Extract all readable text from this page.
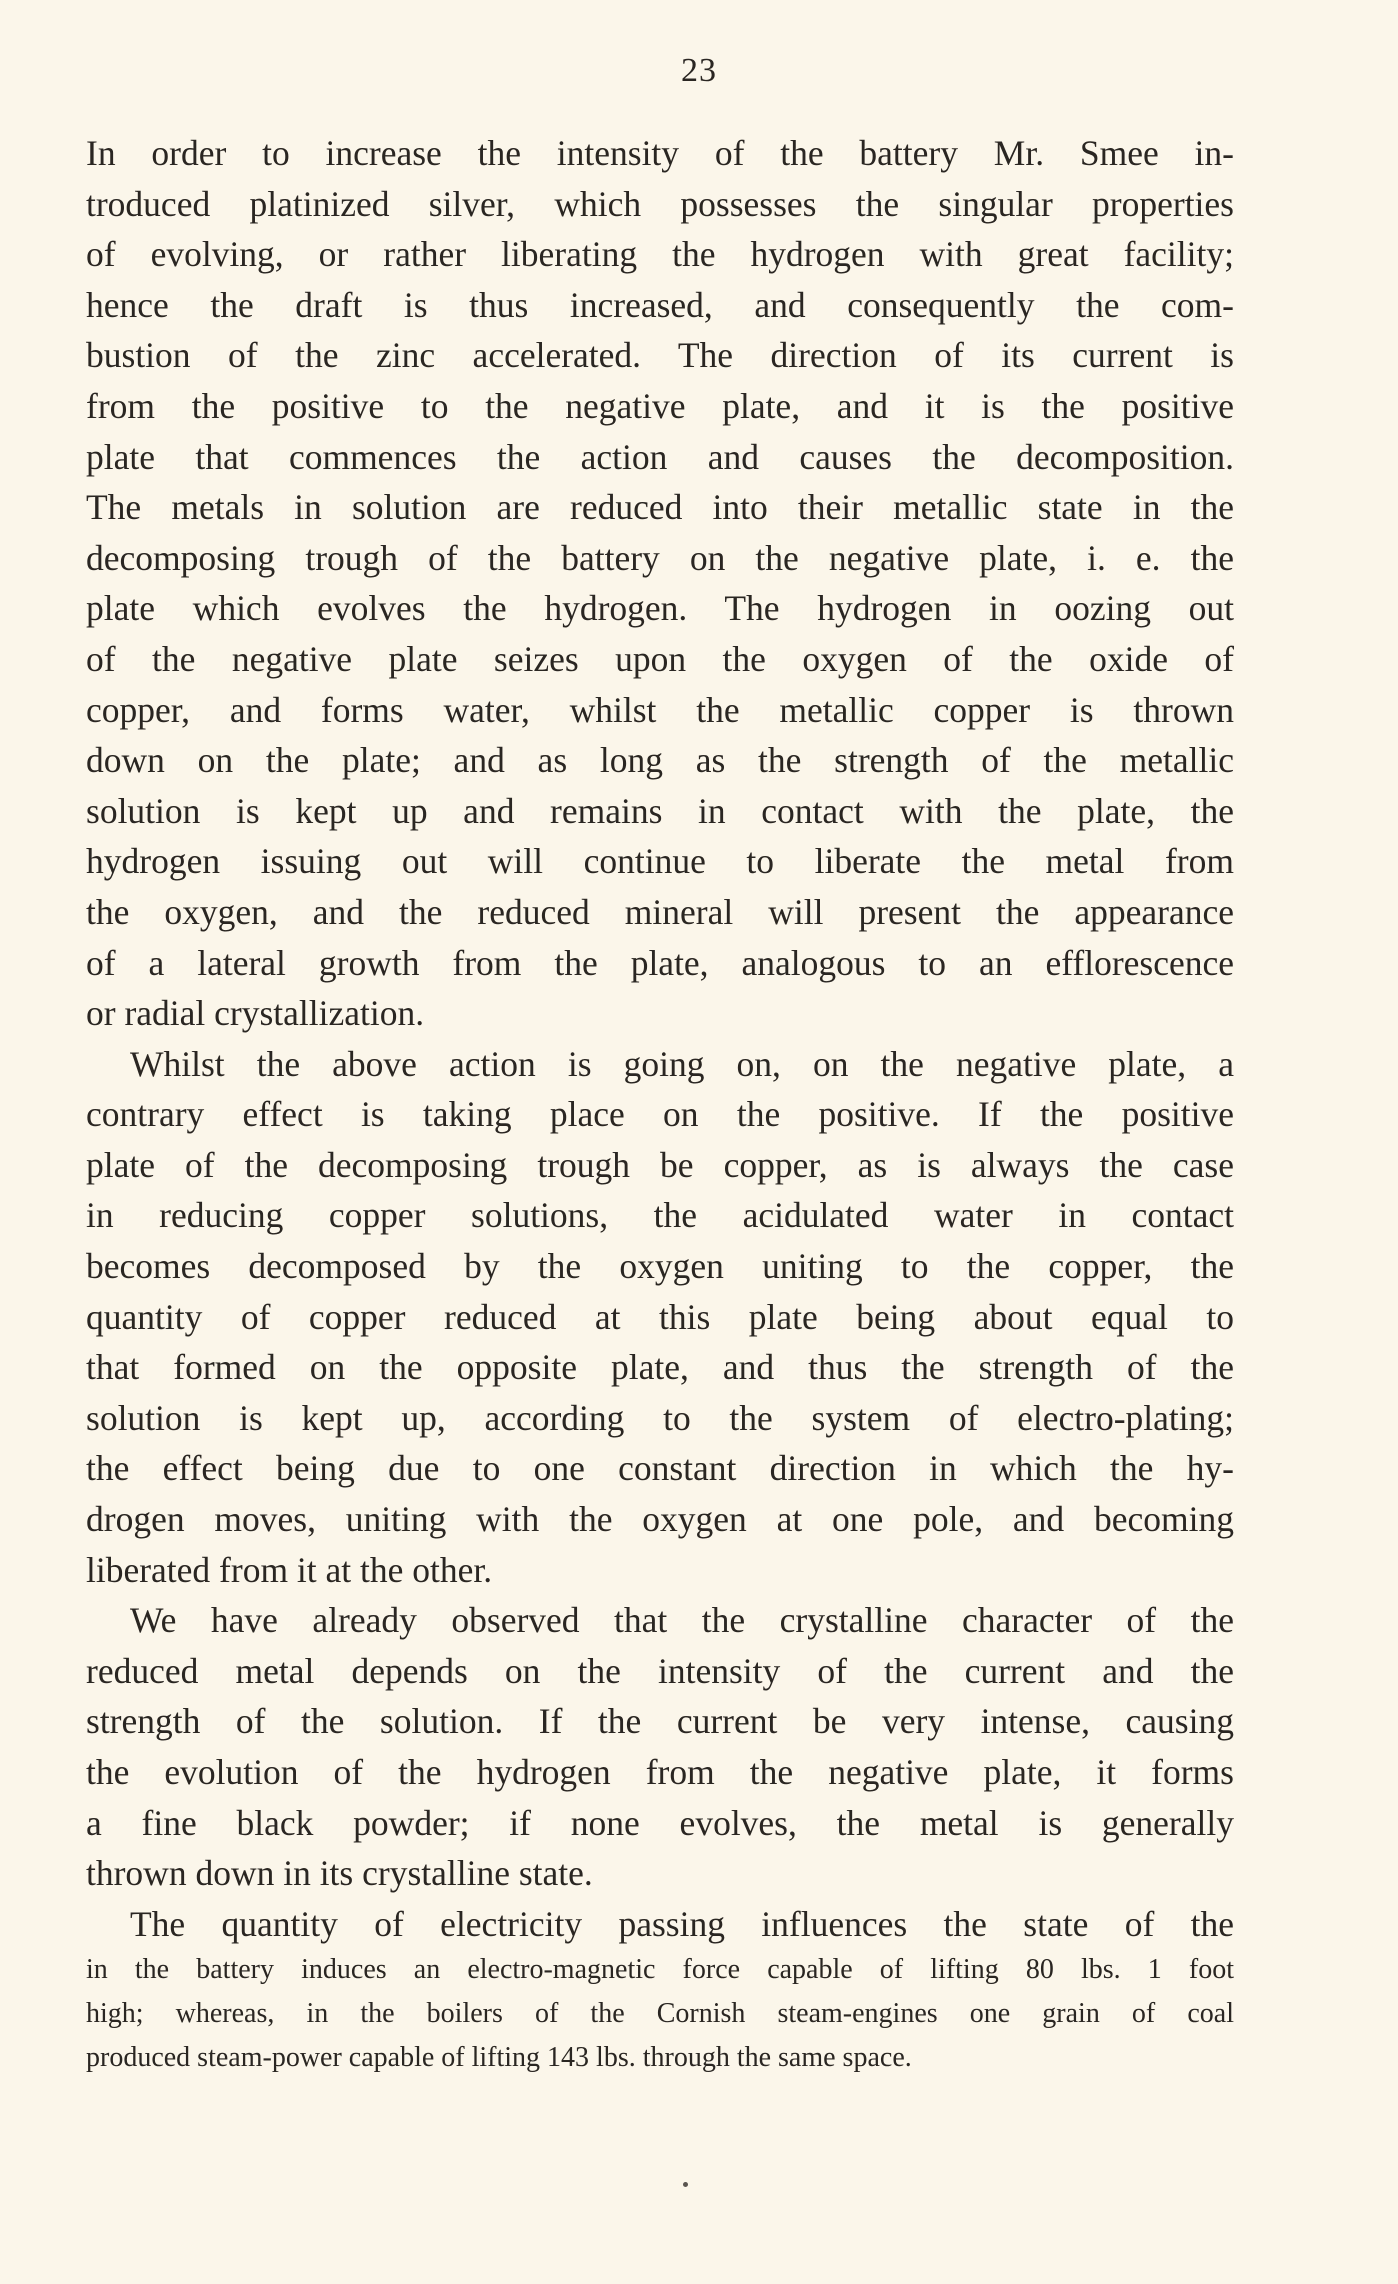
23
In order to increase the intensity of the battery Mr. Smee in-
troduced platinized silver, which possesses the singular properties
of evolving, or rather liberating the hydrogen with great facility;
hence the draft is thus increased, and consequently the com-
bustion of the zinc accelerated. The direction of its current is
from the positive to the negative plate, and it is the positive
plate that commences the action and causes the decomposition.
The metals in solution are reduced into their metallic state in the
decomposing trough of the battery on the negative plate, i. e. the
plate which evolves the hydrogen. The hydrogen in oozing out
of the negative plate seizes upon the oxygen of the oxide of
copper, and forms water, whilst the metallic copper is thrown
down on the plate; and as long as the strength of the metallic
solution is kept up and remains in contact with the plate, the
hydrogen issuing out will continue to liberate the metal from
the oxygen, and the reduced mineral will present the appearance
of a lateral growth from the plate, analogous to an efflorescence
or radial crystallization.
Whilst the above action is going on, on the negative plate, a
contrary effect is taking place on the positive. If the positive
plate of the decomposing trough be copper, as is always the case
in reducing copper solutions, the acidulated water in contact
becomes decomposed by the oxygen uniting to the copper, the
quantity of copper reduced at this plate being about equal to
that formed on the opposite plate, and thus the strength of the
solution is kept up, according to the system of electro-plating;
the effect being due to one constant direction in which the hy-
drogen moves, uniting with the oxygen at one pole, and becoming
liberated from it at the other.
We have already observed that the crystalline character of the
reduced metal depends on the intensity of the current and the
strength of the solution. If the current be very intense, causing
the evolution of the hydrogen from the negative plate, it forms
a fine black powder; if none evolves, the metal is generally
thrown down in its crystalline state.
The quantity of electricity passing influences the state of the
in the battery induces an electro-magnetic force capable of lifting 80 lbs. 1 foot
high; whereas, in the boilers of the Cornish steam-engines one grain of coal
produced steam-power capable of lifting 143 lbs. through the same space.
